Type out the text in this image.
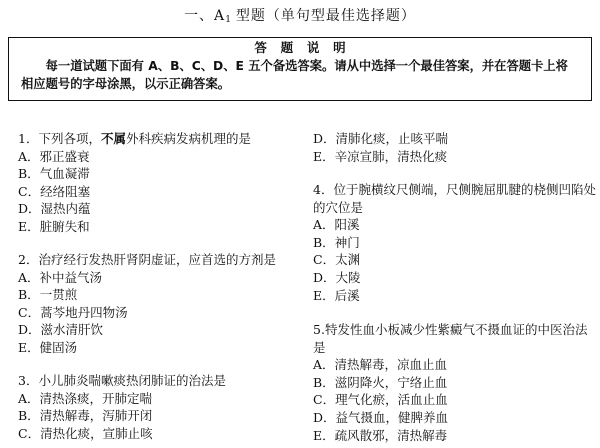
一、$A_1$ 型题（单句型最佳选择题）
答题说明
每一道试题下面有 A、B、C、D、E 五个备选答案。请从中选择一个最佳答案，并在答题卡上将相应题号的字母涂黑，以示正确答案。
1．下列各项，不属外科疾病发病机理的是
A．邪正盛衰
B．气血凝滞
C．经络阻塞
D．湿热内蕴
E．脏腑失和
2．治疗经行发热肝肾阴虚证，应首选的方剂是
A．补中益气汤
B．一贯煎
C．蒿芩地丹四物汤
D．滋水清肝饮
E．健固汤
3．小儿肺炎喘嗽痰热闭肺证的治法是
A．清热涤痰，开肺定喘
B．清热解毒，泻肺开闭
C．清热化痰，宣肺止咳
D．清肺化痰，止咳平喘
E．辛凉宣肺，清热化痰
4．位于腕横纹尺侧端，尺侧腕屈肌腱的桡侧凹陷处的穴位是
A．阳溪
B．神门
C．太渊
D．大陵
E．后溪
5.特发性血小板减少性紫癜气不摄血证的中医治法是
A．清热解毒，凉血止血
B．滋阴降火，宁络止血
C．理气化瘀，活血止血
D．益气摄血，健脾养血
E．疏风散邪，清热解毒
